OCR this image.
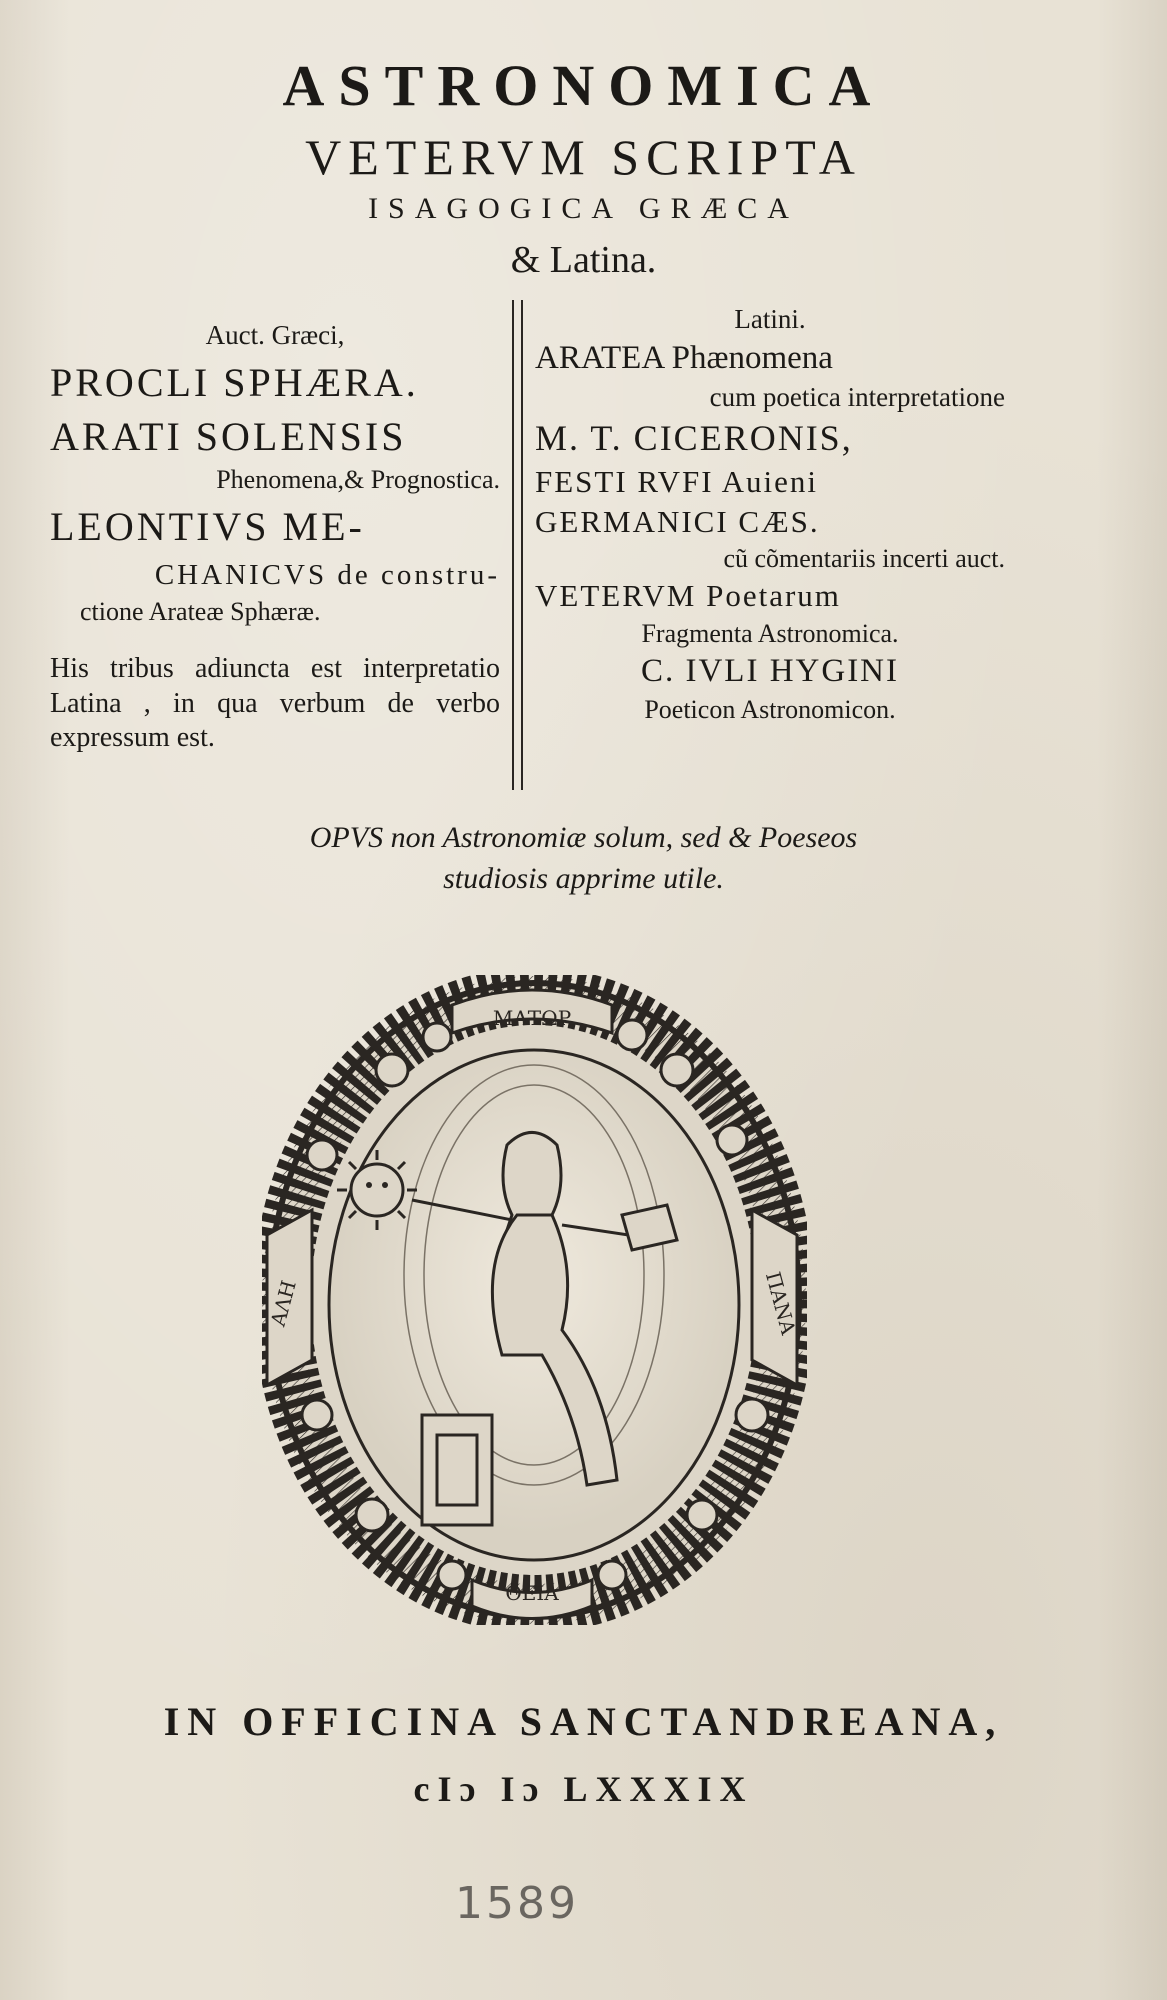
ASTRONOMICA
VETERVM SCRIPTA
ISAGOGICA GRÆCA
& Latina.
Auct. Græci,
PROCLI SPHÆRA.
ARATI SOLENSIS
Phenomena,& Prognostica.
LEONTIVS ME-
CHANICVS de constru-
ctione Arateæ Sphæræ.
His tribus adiuncta est interpretatio Latina , in qua verbum de verbo expressum est.
Latini.
ARATEA Phænomena
cum poetica interpretatione
M. T. CICERONIS,
FESTI RVFI Auieni
GERMANICI CÆS.
cũ cõmentariis incerti auct.
VETERVM Poetarum
Fragmenta Astronomica.
C. IVLI HYGINI
Poeticon Astronomicon.
OPVS non Astronomiæ solum, sed & Poeseos
studiosis apprime utile.
ΜΑΤΩΡ
ΑΛΗ	ΠΑΝΑ
ΘΕΙΑ
IN OFFICINA SANCTANDREANA,
cIɔ Iɔ LXXXIX
1589
